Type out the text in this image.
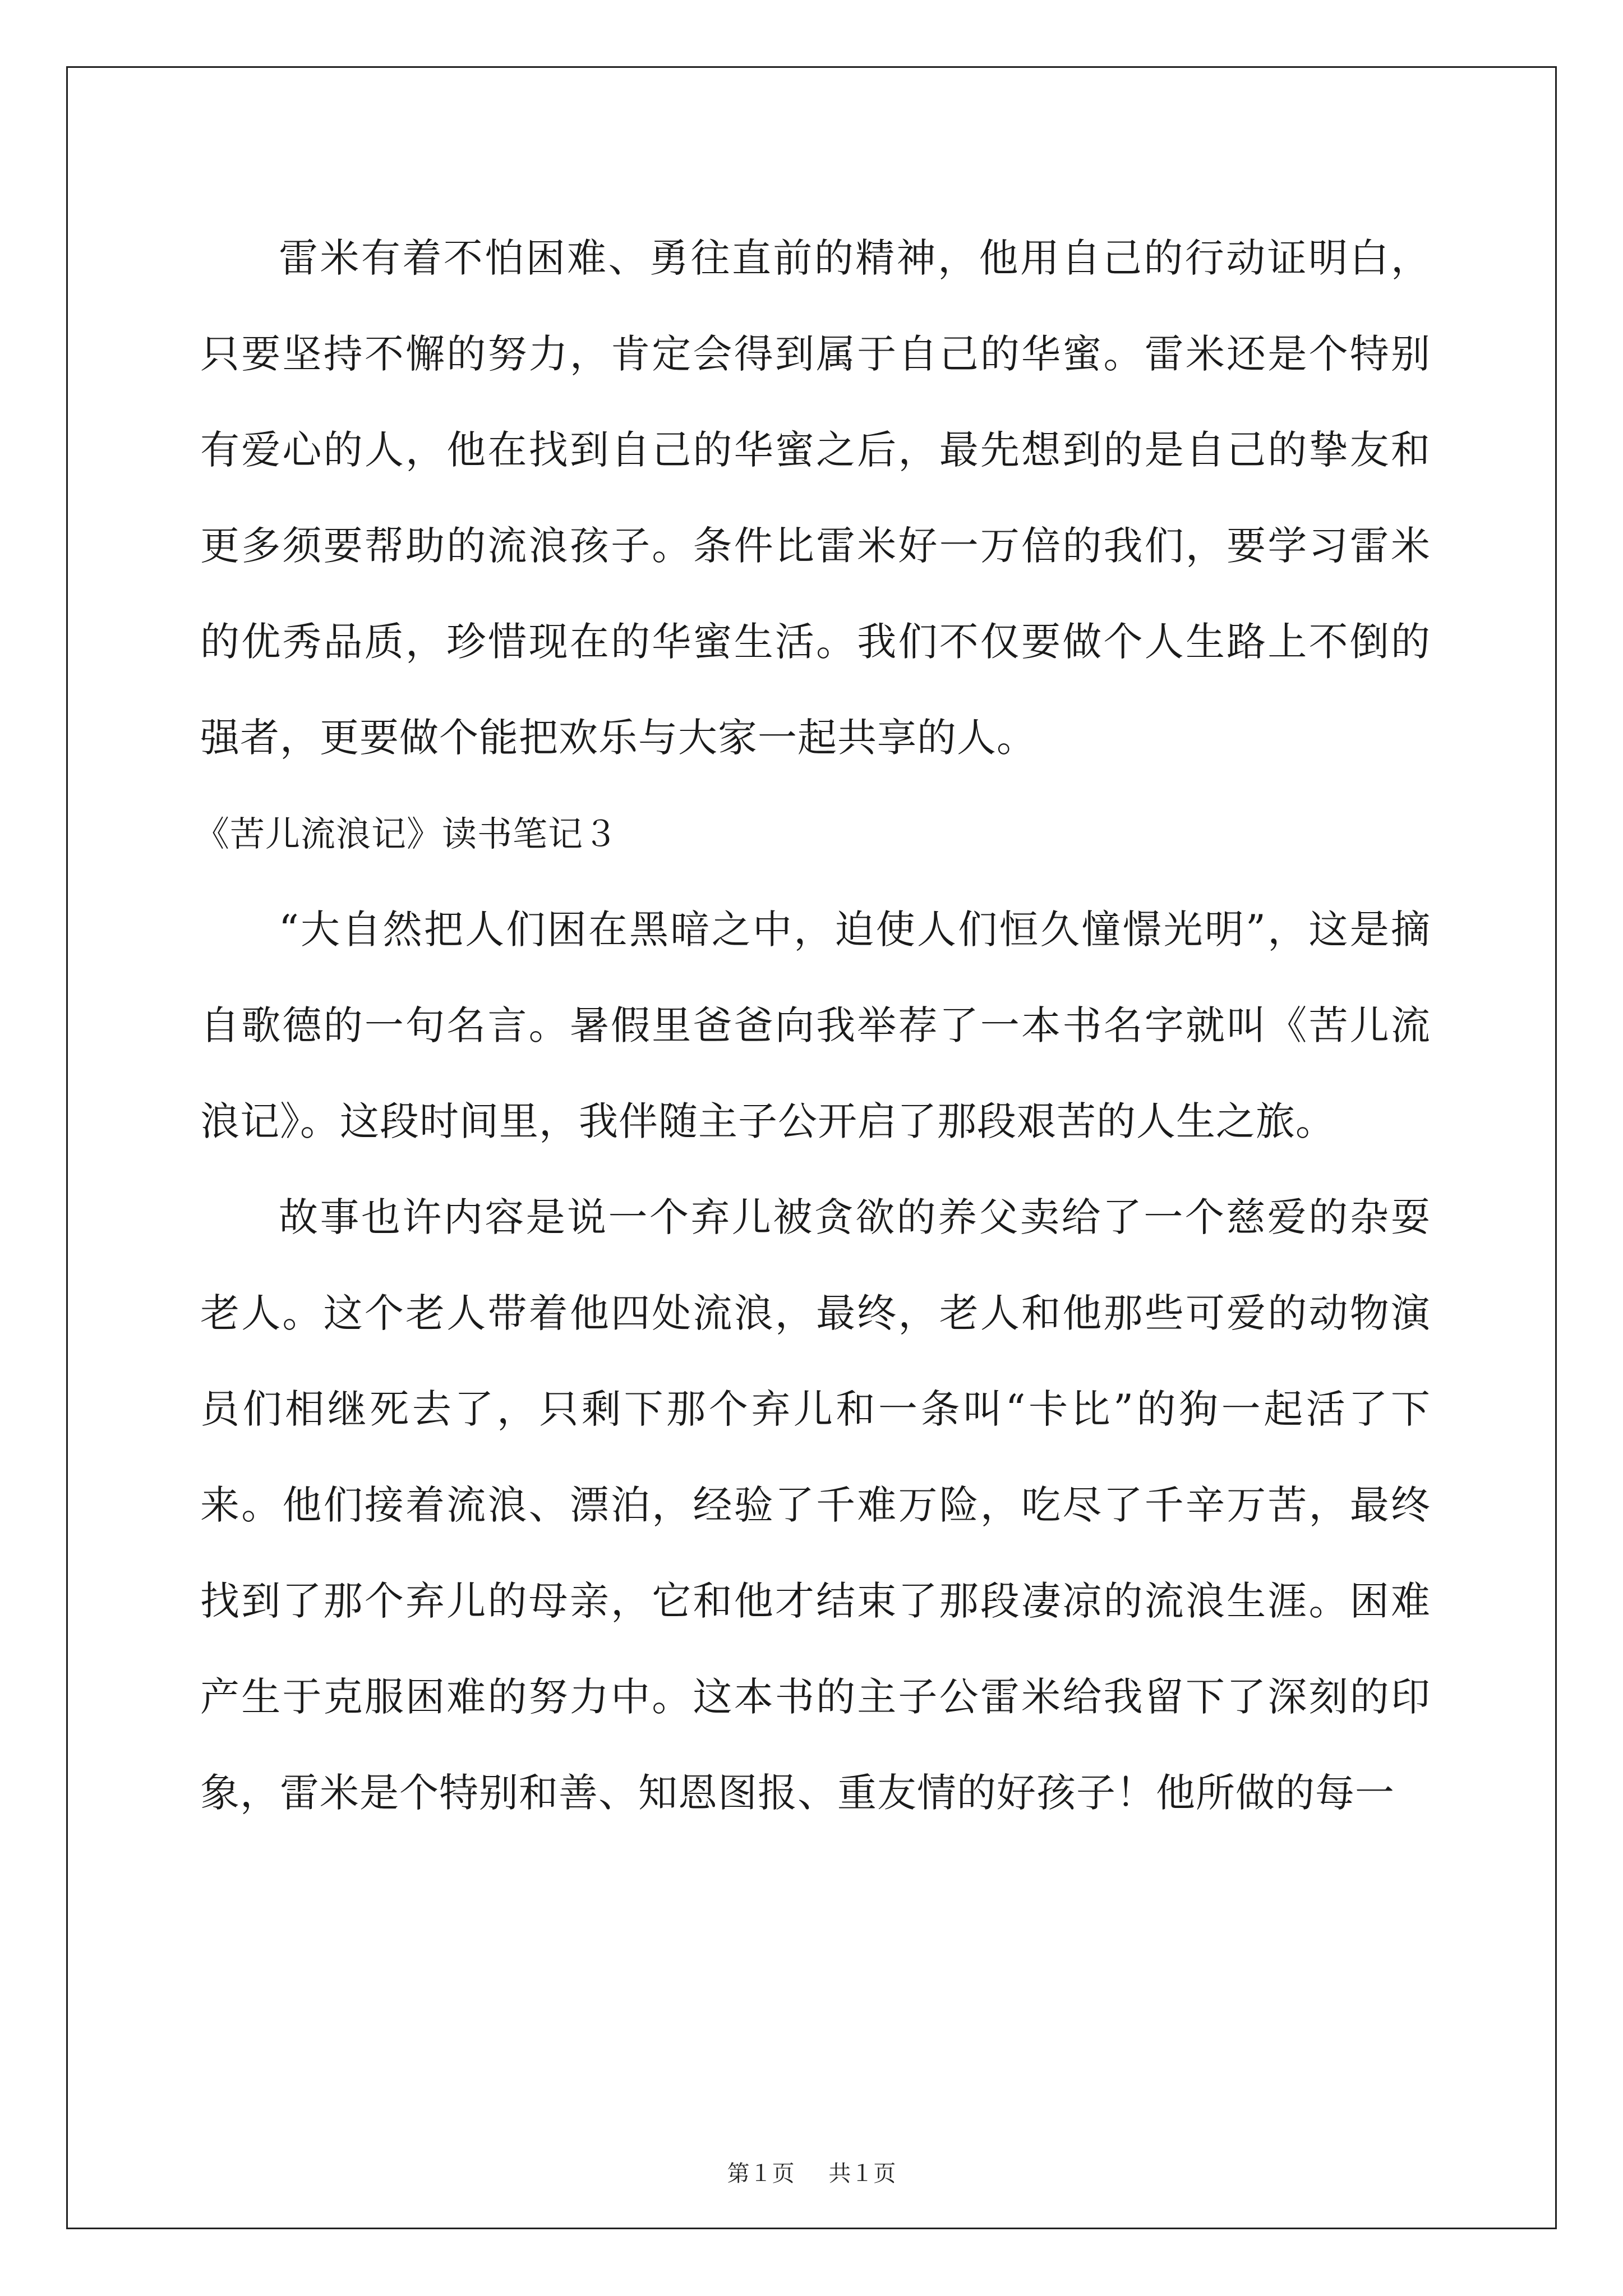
雷米有着不怕困难、勇往直前的精神，他用自己的行动证明白，只要坚持不懈的努力，肯定会得到属于自己的华蜜。雷米还是个特别有爱心的人，他在找到自己的华蜜之后，最先想到的是自己的挚友和更多须要帮助的流浪孩子。条件比雷米好一万倍的我们，要学习雷米的优秀品质，珍惜现在的华蜜生活。我们不仅要做个人生路上不倒的强者，更要做个能把欢乐与大家一起共享的人。

《苦儿流浪记》读书笔记３

“大自然把人们困在黑暗之中，迫使人们恒久憧憬光明”，这是摘自歌德的一句名言。暑假里爸爸向我举荐了一本书名字就叫《苦儿流浪记》。这段时间里，我伴随主子公开启了那段艰苦的人生之旅。

故事也许内容是说一个弃儿被贪欲的养父卖给了一个慈爱的杂耍老人。这个老人带着他四处流浪，最终，老人和他那些可爱的动物演员们相继死去了，只剩下那个弃儿和一条叫“卡比”的狗一起活了下来。他们接着流浪、漂泊，经验了千难万险，吃尽了千辛万苦，最终找到了那个弃儿的母亲，它和他才结束了那段凄凉的流浪生涯。困难产生于克服困难的努力中。这本书的主子公雷米给我留下了深刻的印象，雷米是个特别和善、知恩图报、重友情的好孩子！他所做的每一

第１页 共１页
